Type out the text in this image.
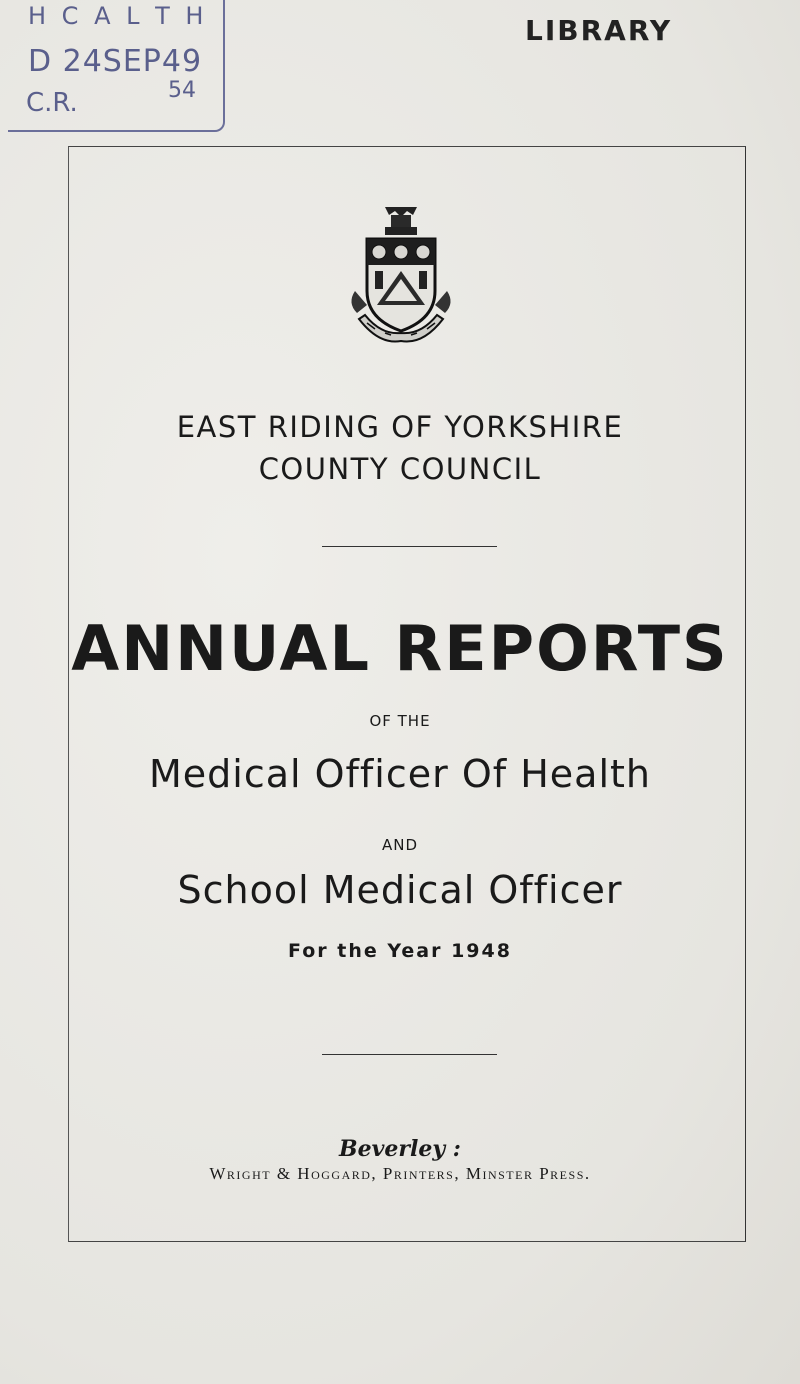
H C A L T H
D 24SEP49
C.R.	54
LIBRARY
EAST RIDING OF YORKSHIRE
COUNTY COUNCIL
ANNUAL REPORTS
OF THE
Medical Officer Of Health
AND
School Medical Officer
For the Year 1948
Beverley :
Wright & Hoggard, Printers, Minster Press.
